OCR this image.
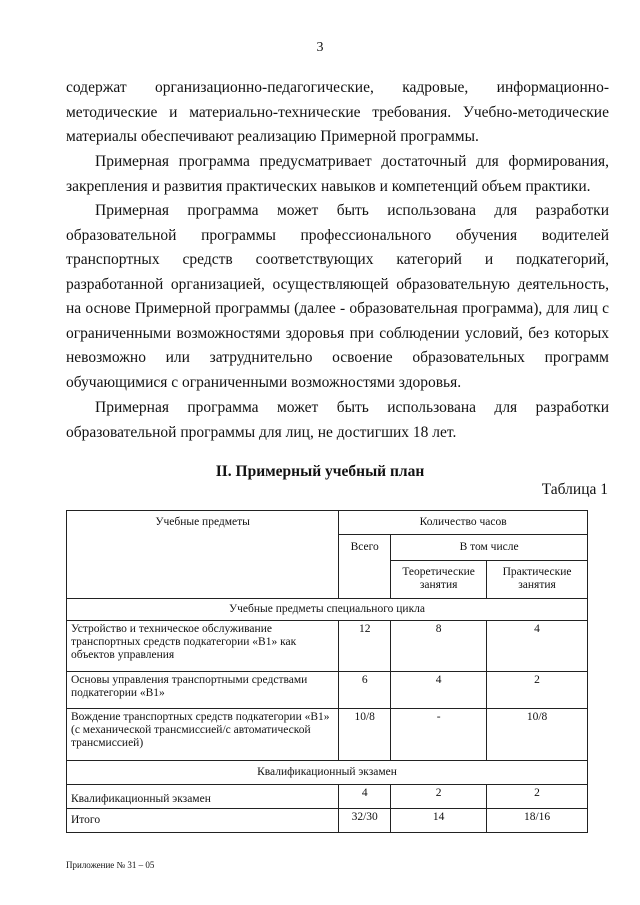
3

содержат организационно-педагогические, кадровые, информационно-методические и материально-технические требования. Учебно-методические материалы обеспечивают реализацию Примерной программы.

Примерная программа предусматривает достаточный для формирования, закрепления и развития практических навыков и компетенций объем практики.

Примерная программа может быть использована для разработки образовательной программы профессионального обучения водителей транспортных средств соответствующих категорий и подкатегорий, разработанной организацией, осуществляющей образовательную деятельность, на основе Примерной программы (далее - образовательная программа), для лиц с ограниченными возможностями здоровья при соблюдении условий, без которых невозможно или затруднительно освоение образовательных программ обучающимися с ограниченными возможностями здоровья.

Примерная программа может быть использована для разработки образовательной программы для лиц, не достигших 18 лет.

II. Примерный учебный план
Таблица 1
Учебные предметы	Количество часов		
	Всего	В том числе	
		Теоретические занятия	Практические занятия
Учебные предметы специального цикла			
Устройство и техническое обслуживание транспортных средств подкатегории «В1» как объектов управления	12	8	4
Основы управления транспортными средствами подкатегории «В1»	6	4	2
Вождение транспортных средств подкатегории «В1» (с механической трансмиссией/с автоматической трансмиссией)	10/8	-	10/8
Квалификационный экзамен			
Квалификационный экзамен	4	2	2
Итого	32/30	14	18/16
Приложение № 31 – 05
